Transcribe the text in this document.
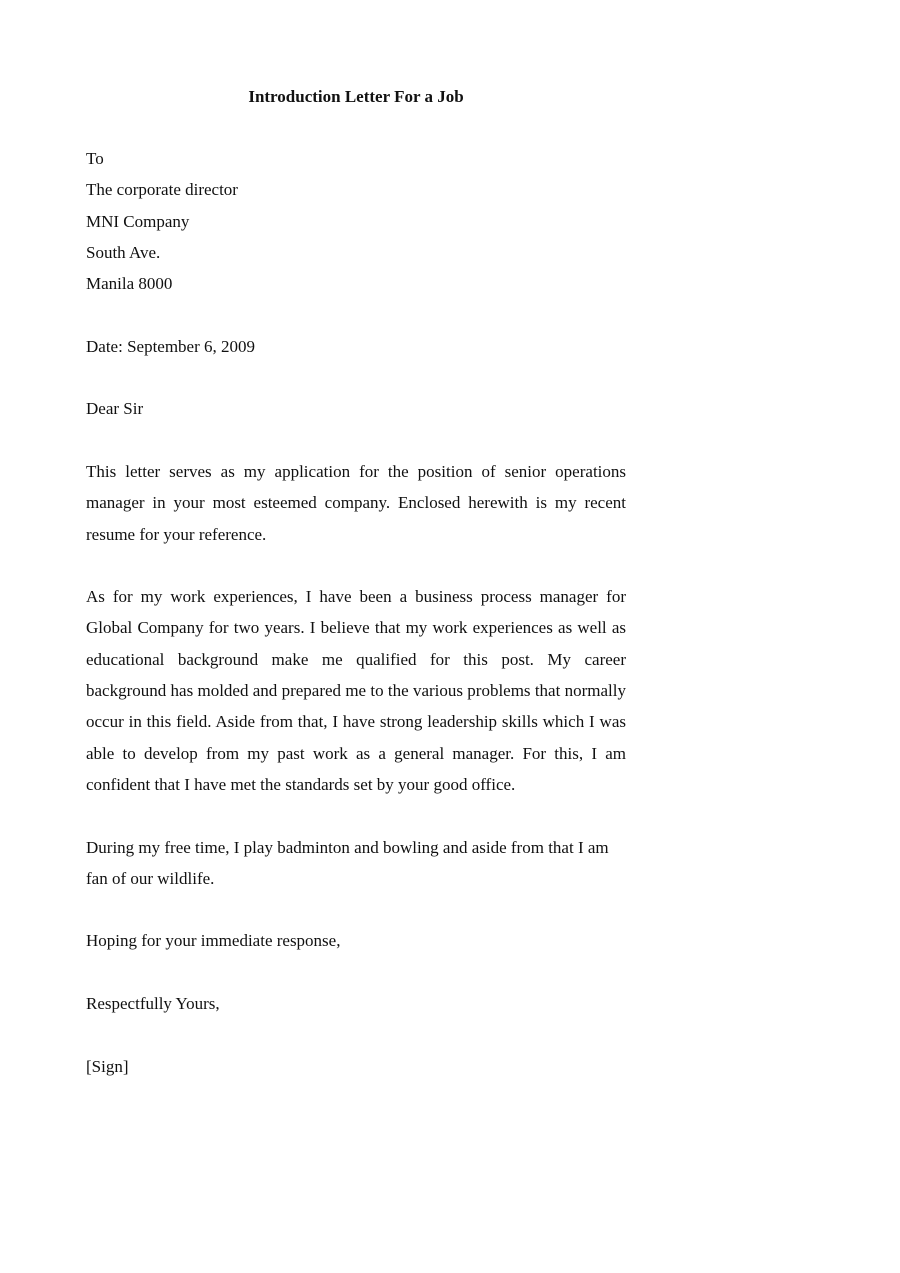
Introduction Letter For a Job
To
The corporate director
MNI Company
South Ave.
Manila 8000
Date: September 6, 2009
Dear Sir

This letter serves as my application for the position of senior operations manager in your most esteemed company. Enclosed herewith is my recent resume for your reference.

As for my work experiences, I have been a business process manager for Global Company for two years. I believe that my work experiences as well as educational background make me qualified for this post. My career background has molded and prepared me to the various problems that normally occur in this field. Aside from that, I have strong leadership skills which I was able to develop from my past work as a general manager. For this, I am confident that I have met the standards set by your good office.

During my free time, I play badminton and bowling and aside from that I am fan of our wildlife.

Hoping for your immediate response,
Respectfully Yours,
[Sign]
